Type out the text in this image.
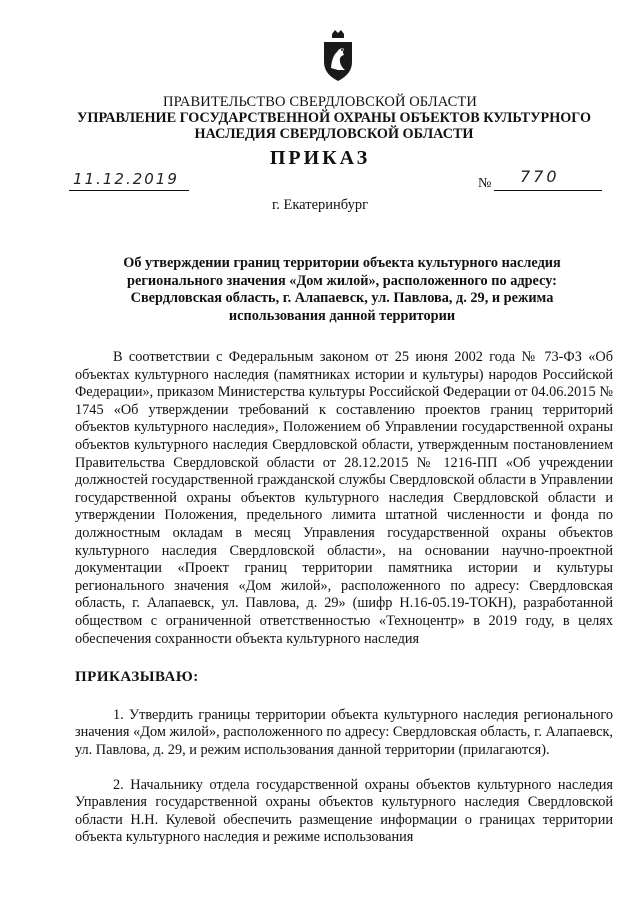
ПРАВИТЕЛЬСТВО СВЕРДЛОВСКОЙ ОБЛАСТИ
УПРАВЛЕНИЕ ГОСУДАРСТВЕННОЙ ОХРАНЫ ОБЪЕКТОВ КУЛЬТУРНОГО НАСЛЕДИЯ СВЕРДЛОВСКОЙ ОБЛАСТИ
ПРИКАЗ
11.12.2019	№ 770
г. Екатеринбург
Об утверждении границ территории объекта культурного наследия регионального значения «Дом жилой», расположенного по адресу: Свердловская область, г. Алапаевск, ул. Павлова, д. 29, и режима использования данной территории

В соответствии с Федеральным законом от 25 июня 2002 года № 73-ФЗ «Об объектах культурного наследия (памятниках истории и культуры) народов Российской Федерации», приказом Министерства культуры Российской Федерации от 04.06.2015 № 1745 «Об утверждении требований к составлению проектов границ территорий объектов культурного наследия», Положением об Управлении государственной охраны объектов культурного наследия Свердловской области, утвержденным постановлением Правительства Свердловской области от 28.12.2015 № 1216-ПП «Об учреждении должностей государственной гражданской службы Свердловской области в Управлении государственной охраны объектов культурного наследия Свердловской области и утверждении Положения, предельного лимита штатной численности и фонда по должностным окладам в месяц Управления государственной охраны объектов культурного наследия Свердловской области», на основании научно-проектной документации «Проект границ территории памятника истории и культуры регионального значения «Дом жилой», расположенного по адресу: Свердловская область, г. Алапаевск, ул. Павлова, д. 29» (шифр Н.16-05.19-ТОКН), разработанной обществом с ограниченной ответственностью «Техноцентр» в 2019 году, в целях обеспечения сохранности объекта культурного наследия

ПРИКАЗЫВАЮ:

1. Утвердить границы территории объекта культурного наследия регионального значения «Дом жилой», расположенного по адресу: Свердловская область, г. Алапаевск, ул. Павлова, д. 29, и режим использования данной территории (прилагаются).

2. Начальнику отдела государственной охраны объектов культурного наследия Управления государственной охраны объектов культурного наследия Свердловской области Н.Н. Кулевой обеспечить размещение информации о границах территории объекта культурного наследия и режиме использования
